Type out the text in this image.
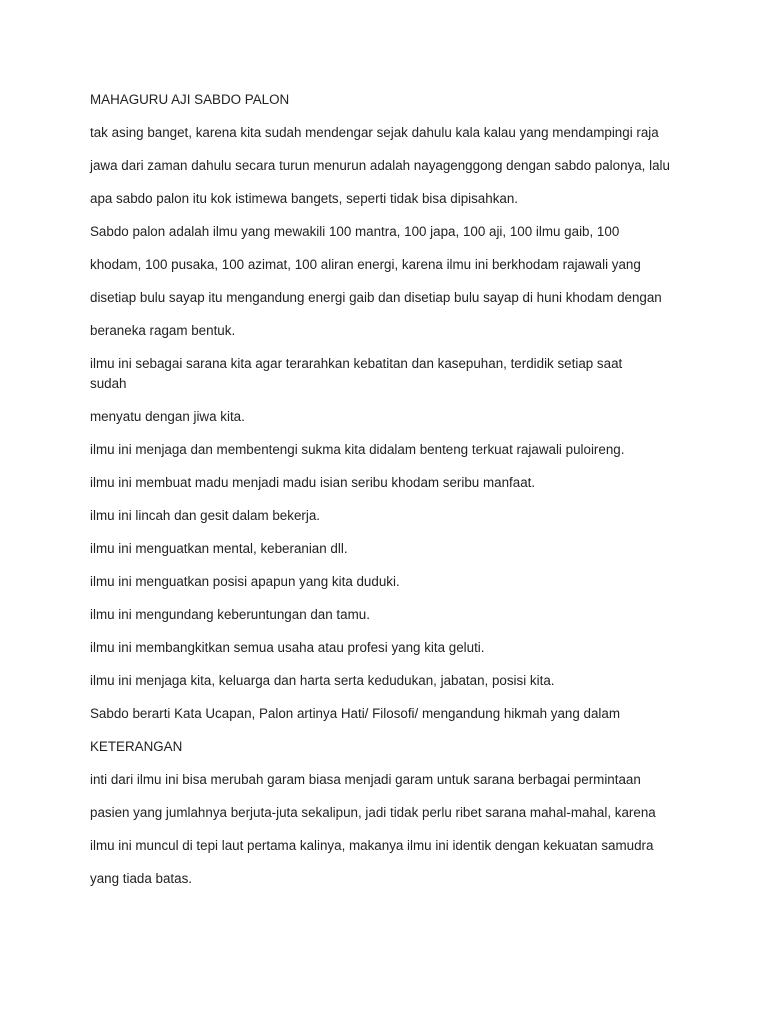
MAHAGURU AJI SABDO PALON

tak asing banget, karena kita sudah mendengar sejak dahulu kala kalau yang mendampingi raja

jawa dari zaman dahulu secara turun menurun adalah nayagenggong dengan sabdo palonya, lalu

apa sabdo palon itu kok istimewa bangets, seperti tidak bisa dipisahkan.

Sabdo palon adalah ilmu yang mewakili 100 mantra, 100 japa, 100 aji, 100 ilmu gaib, 100

khodam, 100 pusaka, 100 azimat, 100 aliran energi, karena ilmu ini berkhodam rajawali yang

disetiap bulu sayap itu mengandung energi gaib dan disetiap bulu sayap di huni khodam dengan

beraneka ragam bentuk.

ilmu ini sebagai sarana kita agar terarahkan kebatitan dan kasepuhan, terdidik setiap saat sudah

menyatu dengan jiwa kita.

ilmu ini menjaga dan membentengi sukma kita didalam benteng terkuat rajawali puloireng.

ilmu ini membuat madu menjadi madu isian seribu khodam seribu manfaat.

ilmu ini lincah dan gesit dalam bekerja.

ilmu ini menguatkan mental, keberanian dll.

ilmu ini menguatkan posisi apapun yang kita duduki.

ilmu ini mengundang keberuntungan dan tamu.

ilmu ini membangkitkan semua usaha atau profesi yang kita geluti.

ilmu ini menjaga kita, keluarga dan harta serta kedudukan, jabatan, posisi kita.

Sabdo berarti Kata Ucapan, Palon artinya Hati/ Filosofi/ mengandung hikmah yang dalam

KETERANGAN

inti dari ilmu ini bisa merubah garam biasa menjadi garam untuk sarana berbagai permintaan

pasien yang jumlahnya berjuta-juta sekalipun, jadi tidak perlu ribet sarana mahal-mahal, karena

ilmu ini muncul di tepi laut pertama kalinya, makanya ilmu ini identik dengan kekuatan samudra

yang tiada batas.
